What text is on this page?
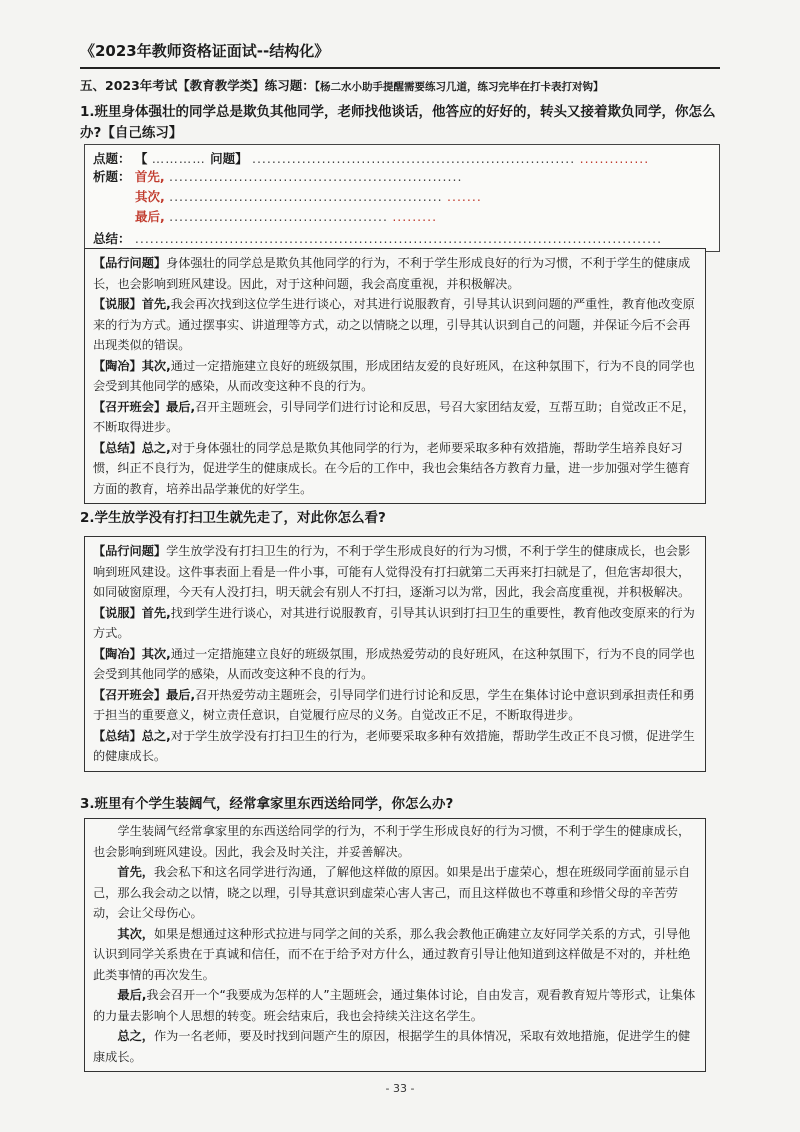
《2023年教师资格证面试--结构化》
五、2023年考试【教育教学类】练习题：【杨二水小助手提醒需要练习几道，练习完毕在打卡表打对钩】
1.班里身体强壮的同学总是欺负其他同学，老师找他谈话，他答应的好好的，转头又接着欺负同学，你怎么办?【自己练习】
点题： 【 ………… 问题】 ................................................................. ..............
析题： 首先, ...........................................................
其次, ....................................................... .......
最后, ............................................ .........
总结： ..........................................................................................................

【品行问题】身体强壮的同学总是欺负其他同学的行为，不利于学生形成良好的行为习惯，不利于学生的健康成长，也会影响到班风建设。因此，对于这种问题，我会高度重视，并积极解决。

【说服】首先,我会再次找到这位学生进行谈心，对其进行说服教育，引导其认识到问题的严重性，教育他改变原来的行为方式。通过摆事实、讲道理等方式，动之以情晓之以理，引导其认识到自己的问题，并保证今后不会再出现类似的错误。

【陶冶】其次,通过一定措施建立良好的班级氛围，形成团结友爱的良好班风，在这种氛围下，行为不良的同学也会受到其他同学的感染，从而改变这种不良的行为。

【召开班会】最后,召开主题班会，引导同学们进行讨论和反思，号召大家团结友爱，互帮互助；自觉改正不足，不断取得进步。

【总结】总之,对于身体强壮的同学总是欺负其他同学的行为，老师要采取多种有效措施，帮助学生培养良好习惯，纠正不良行为，促进学生的健康成长。在今后的工作中，我也会集结各方教育力量，进一步加强对学生德育方面的教育，培养出品学兼优的好学生。

2.学生放学没有打扫卫生就先走了，对此你怎么看?

【品行问题】学生放学没有打扫卫生的行为，不利于学生形成良好的行为习惯，不利于学生的健康成长，也会影响到班风建设。这件事表面上看是一件小事，可能有人觉得没有打扫就第二天再来打扫就是了，但危害却很大，如同破窗原理，今天有人没打扫，明天就会有别人不打扫，逐渐习以为常，因此，我会高度重视，并积极解决。

【说服】首先,找到学生进行谈心，对其进行说服教育，引导其认识到打扫卫生的重要性，教育他改变原来的行为方式。

【陶冶】其次,通过一定措施建立良好的班级氛围，形成热爱劳动的良好班风，在这种氛围下，行为不良的同学也会受到其他同学的感染，从而改变这种不良的行为。

【召开班会】最后,召开热爱劳动主题班会，引导同学们进行讨论和反思，学生在集体讨论中意识到承担责任和勇于担当的重要意义，树立责任意识，自觉履行应尽的义务。自觉改正不足，不断取得进步。

【总结】总之,对于学生放学没有打扫卫生的行为，老师要采取多种有效措施，帮助学生改正不良习惯，促进学生的健康成长。

3.班里有个学生装阔气，经常拿家里东西送给同学，你怎么办?

学生装阔气经常拿家里的东西送给同学的行为，不利于学生形成良好的行为习惯，不利于学生的健康成长，也会影响到班风建设。因此，我会及时关注，并妥善解决。

首先，我会私下和这名同学进行沟通，了解他这样做的原因。如果是出于虚荣心，想在班级同学面前显示自己，那么我会动之以情，晓之以理，引导其意识到虚荣心害人害己，而且这样做也不尊重和珍惜父母的辛苦劳动，会让父母伤心。

其次，如果是想通过这种形式拉进与同学之间的关系，那么我会教他正确建立友好同学关系的方式，引导他认识到同学关系贵在于真诚和信任，而不在于给予对方什么，通过教育引导让他知道到这样做是不对的，并杜绝此类事情的再次发生。

最后,我会召开一个“我要成为怎样的人”主题班会，通过集体讨论，自由发言，观看教育短片等形式，让集体的力量去影响个人思想的转变。班会结束后，我也会持续关注这名学生。

总之，作为一名老师，要及时找到问题产生的原因，根据学生的具体情况，采取有效地措施，促进学生的健康成长。

- 33 -
